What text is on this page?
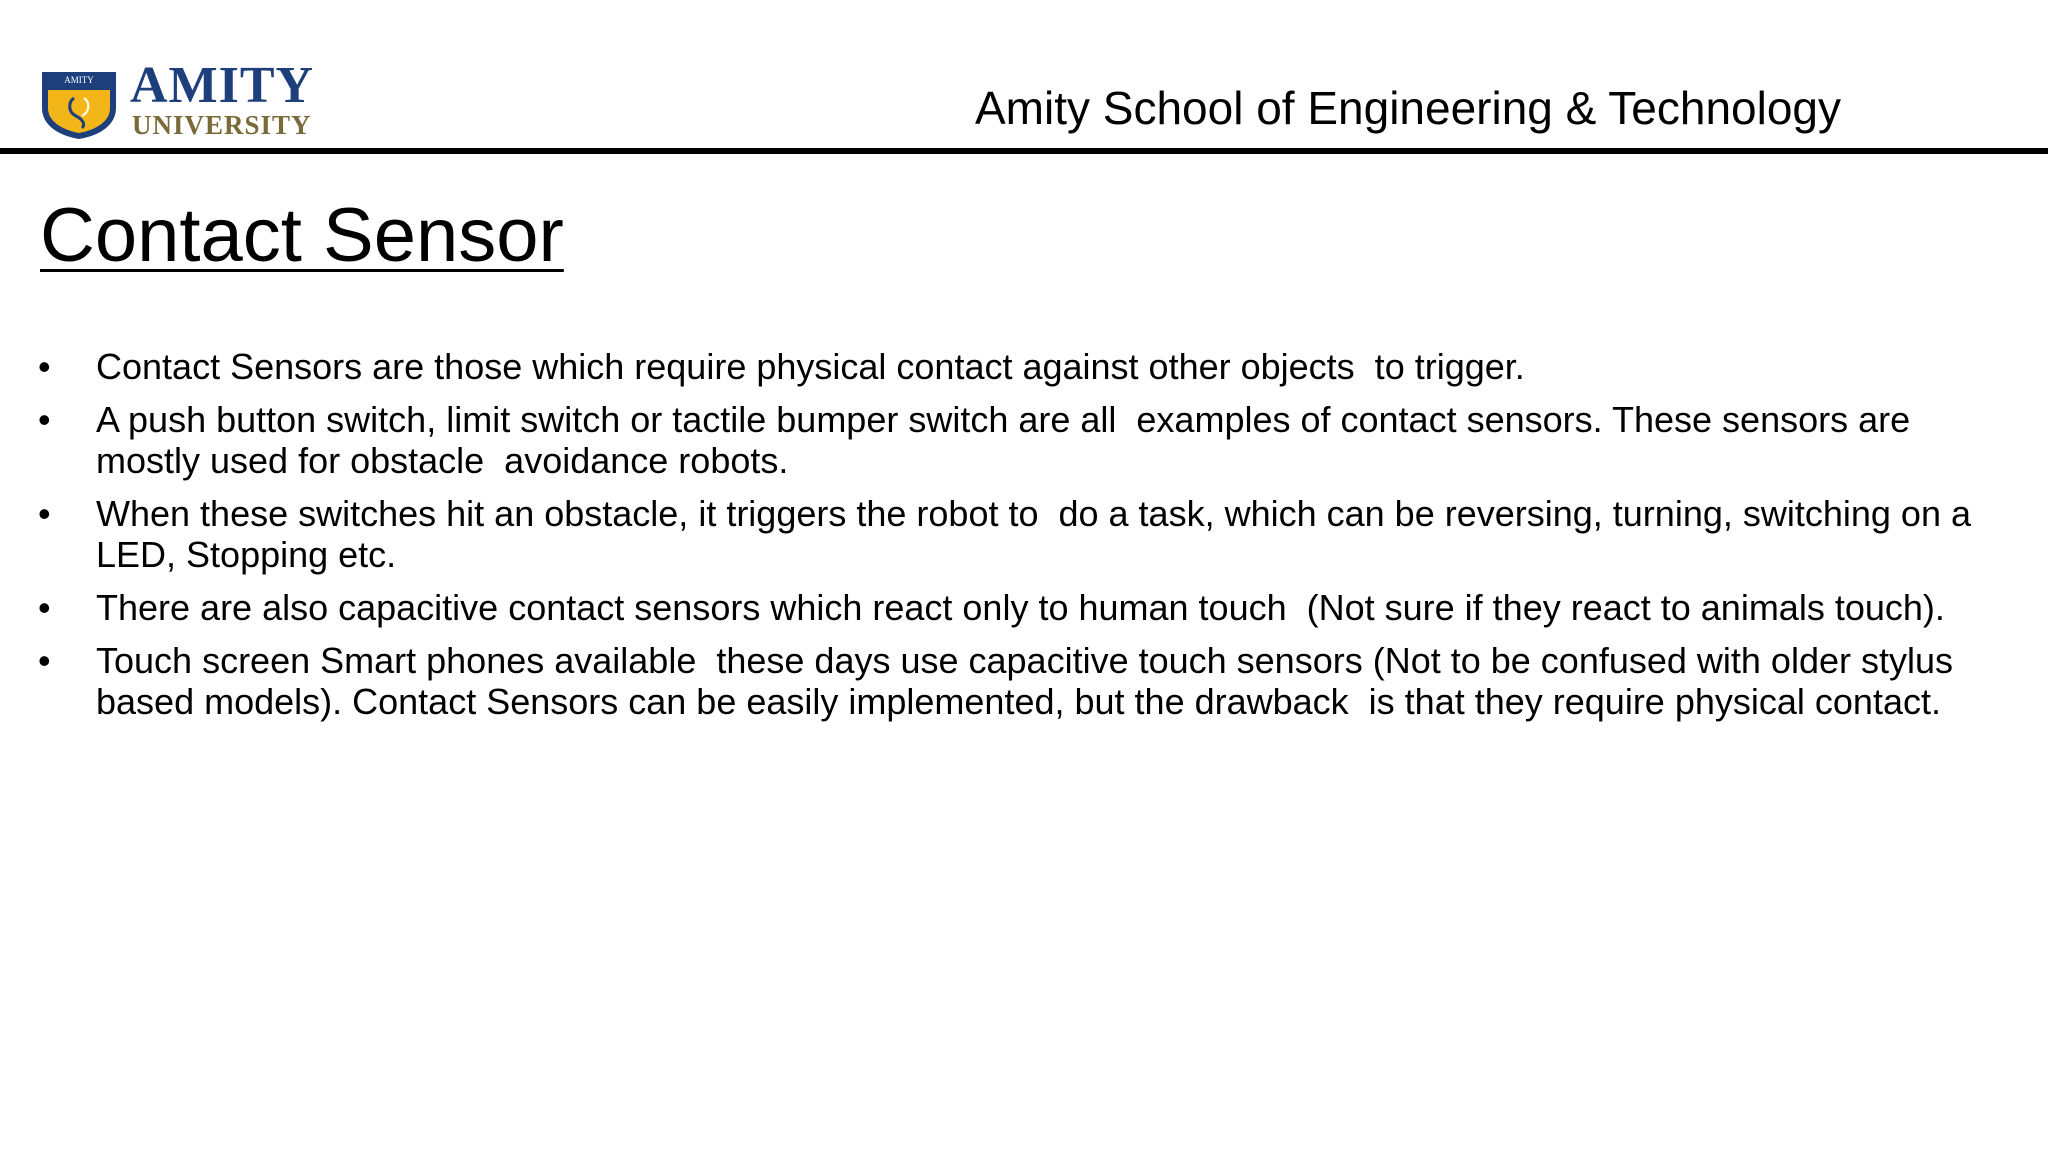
AMITY AMITY
UNIVERSITY	Amity School of Engineering & Technology
Contact Sensor
•	Contact Sensors are those which require physical contact against other objects  to trigger.
•	A push button switch, limit switch or tactile bumper switch are all  examples of contact sensors. These sensors are mostly used for obstacle  avoidance robots.
•	When these switches hit an obstacle, it triggers the robot to  do a task, which can be reversing, turning, switching on a LED, Stopping etc.
•	There are also capacitive contact sensors which react only to human touch  (Not sure if they react to animals touch).
•	Touch screen Smart phones available  these days use capacitive touch sensors (Not to be confused with older stylus  based models). Contact Sensors can be easily implemented, but the drawback  is that they require physical contact.
